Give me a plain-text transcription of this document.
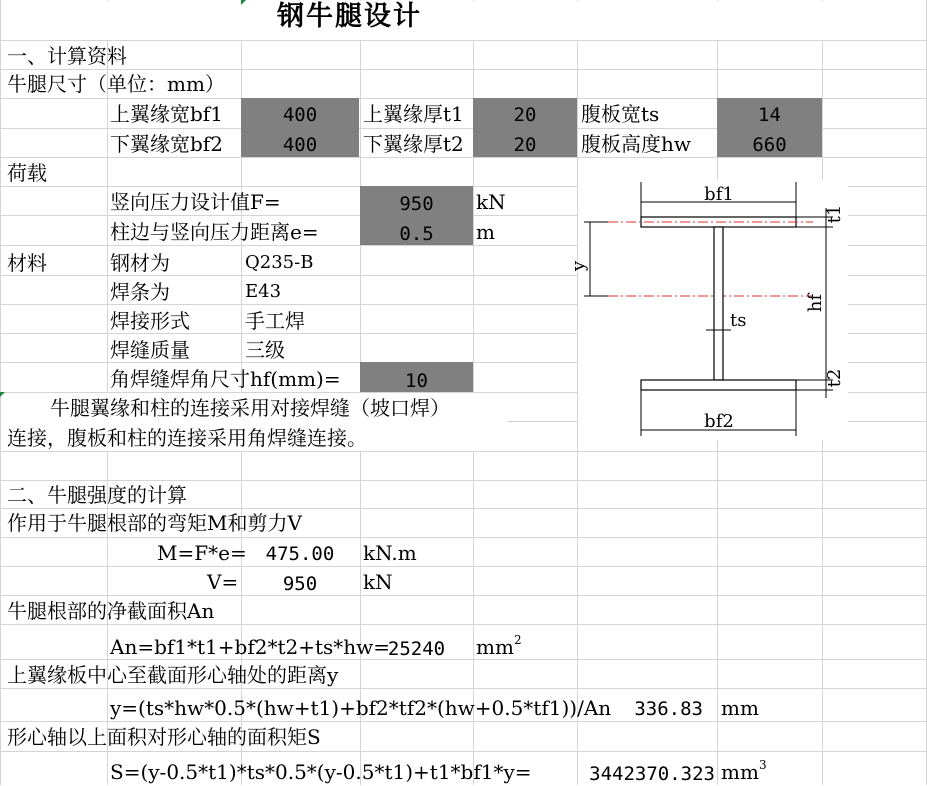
钢牛腿设计
一、计算资料
牛腿尺寸（单位：mm）
上翼缘宽bf1	400	上翼缘厚t1	20	腹板宽ts	14
下翼缘宽bf2	400	下翼缘厚t2	20	腹板高度hw	660
荷载
竖向压力设计值F=	950	kN
柱边与竖向压力距离e=	0.5	m
材料	钢材为	Q235-B
焊条为	E43
焊接形式	手工焊
焊缝质量	三级
角焊缝焊角尺寸hf(mm)=	10
牛腿翼缘和柱的连接采用对接焊缝（坡口焊）
连接，腹板和柱的连接采用角焊缝连接。
二、牛腿强度的计算
作用于牛腿根部的弯矩M和剪力V
M=F*e= 475.00	kN.m
V=	950	kN
牛腿根部的净截面积An
An=bf1*t1+bf2*t2+ts*hw=
25240	$mm^2$
上翼缘板中心至截面形心轴处的距离y
y=(ts*hw*0.5*(hw+t1)+bf2*tf2*(hw+0.5*tf1))/An	336.83 mm
形心轴以上面积对形心轴的面积矩S
S=(y-0.5*t1)*ts*0.5*(y-0.5*t1)+t1*bf1*y=	3442370.323 $mm^3$
bf1
y
t1
hf
t2
ts
bf2
